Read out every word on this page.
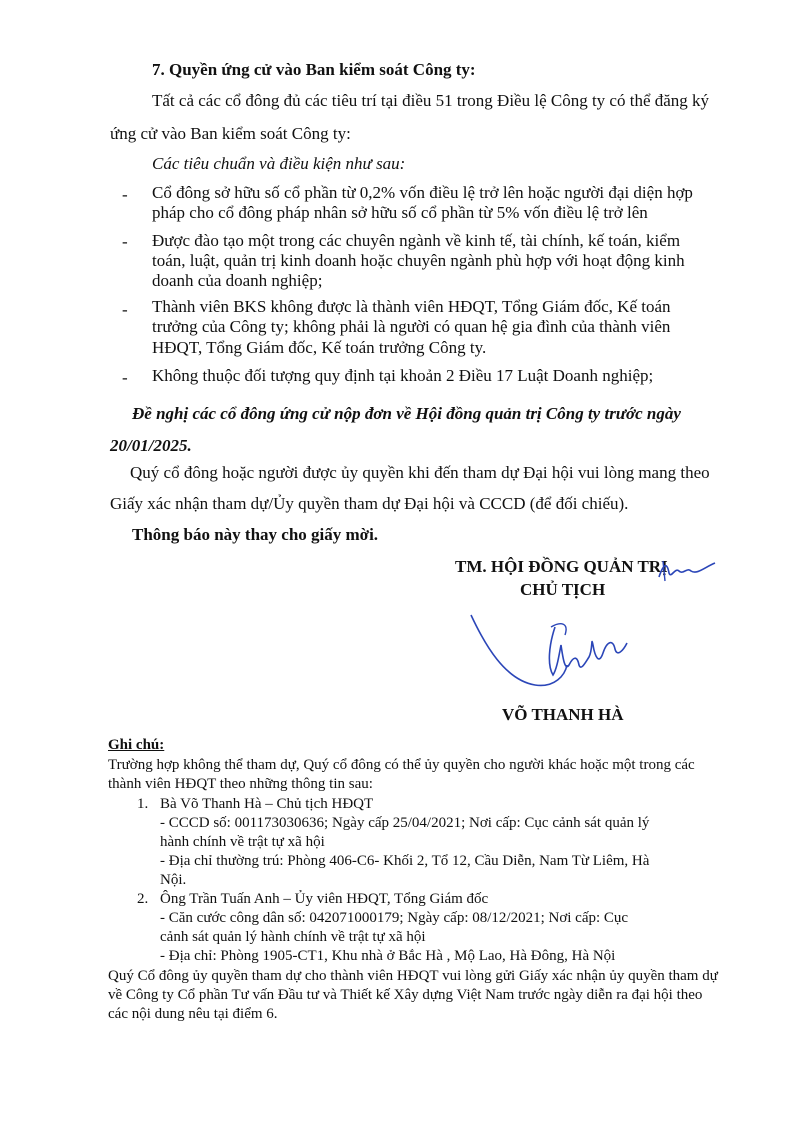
7. Quyền ứng cử vào Ban kiểm soát Công ty:
Tất cả các cổ đông đủ các tiêu trí tại điều 51 trong Điều lệ Công ty có thể đăng ký
ứng cử vào Ban kiểm soát Công ty:
Các tiêu chuẩn và điều kiện như sau:
- Cổ đông sở hữu số cổ phần từ 0,2% vốn điều lệ trở lên hoặc người đại diện hợp
pháp cho cổ đông pháp nhân sở hữu số cổ phần từ 5% vốn điều lệ trở lên
- Được đào tạo một trong các chuyên ngành về kinh tế, tài chính, kế toán, kiểm
toán, luật, quản trị kinh doanh hoặc chuyên ngành phù hợp với hoạt động kinh
doanh của doanh nghiệp;
- Thành viên BKS không được là thành viên HĐQT, Tổng Giám đốc, Kế toán
trưởng của Công ty; không phải là người có quan hệ gia đình của thành viên
HĐQT, Tổng Giám đốc, Kế toán trưởng Công ty.
- Không thuộc đối tượng quy định tại khoản 2 Điều 17 Luật Doanh nghiệp;
Đề nghị các cổ đông ứng cử nộp đơn về Hội đồng quản trị Công ty trước ngày
20/01/2025.
Quý cổ đông hoặc người được ủy quyền khi đến tham dự Đại hội vui lòng mang theo
Giấy xác nhận tham dự/Ủy quyền tham dự Đại hội và CCCD (để đối chiếu).
Thông báo này thay cho giấy mời.
TM. HỘI ĐỒNG QUẢN TRỊ
CHỦ TỊCH
VÕ THANH HÀ
Ghi chú:
Trường hợp không thể tham dự, Quý cổ đông có thể ủy quyền cho người khác hoặc một trong các
thành viên HĐQT theo những thông tin sau:
1. Bà Võ Thanh Hà – Chủ tịch HĐQT
- CCCD số: 001173030636; Ngày cấp 25/04/2021; Nơi cấp: Cục cảnh sát quản lý
hành chính về trật tự xã hội
- Địa chỉ thường trú: Phòng 406-C6- Khối 2, Tổ 12, Cầu Diễn, Nam Từ Liêm, Hà
Nội.
2. Ông Trần Tuấn Anh – Ủy viên HĐQT, Tổng Giám đốc
- Căn cước công dân số: 042071000179; Ngày cấp: 08/12/2021; Nơi cấp: Cục
cảnh sát quản lý hành chính về trật tự xã hội
- Địa chỉ: Phòng 1905-CT1, Khu nhà ở Bắc Hà , Mộ Lao, Hà Đông, Hà Nội
Quý Cổ đông ủy quyền tham dự cho thành viên HĐQT vui lòng gửi Giấy xác nhận ủy quyền tham dự
về Công ty Cổ phần Tư vấn Đầu tư và Thiết kế Xây dựng Việt Nam trước ngày diễn ra đại hội theo
các nội dung nêu tại điểm 6.
